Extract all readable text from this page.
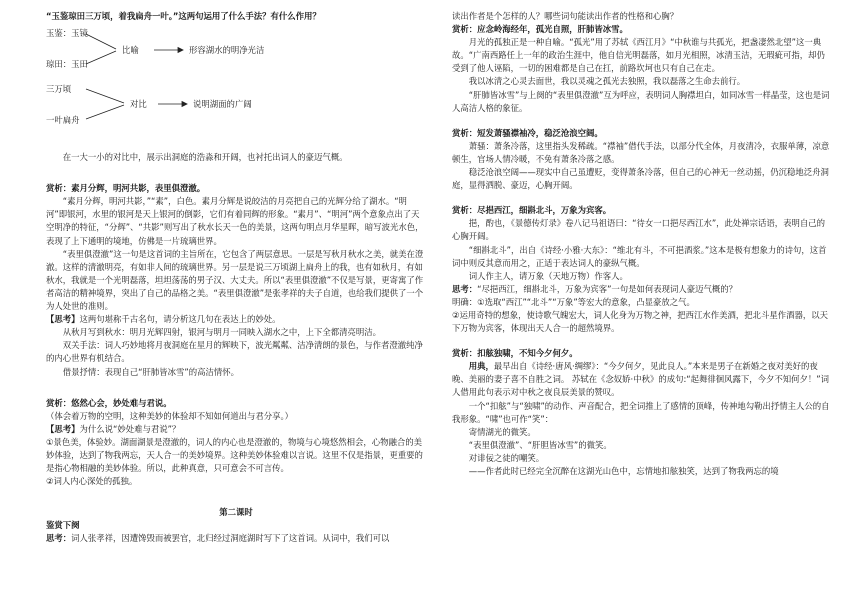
“玉鉴琼田三万顷，着我扁舟一叶。”这两句运用了什么手法？有什么作用？

玉鉴：玉镜
琼田：玉田
三万顷
一叶扁舟
比喻	形容湖水的明净光洁
对比	说明湖面的广阔

在一大一小的对比中，展示出洞庭的浩淼和开阔，也衬托出词人的豪迈气概。

赏析：素月分辉，明河共影，表里俱澄澈。

“素月分辉，明河共影，”“素”，白色。素月分辉是说皎洁的月亮把自己的光辉分给了湖水。“明河”即银河，水里的银河是天上银河的倒影，它们有着同辉的形象。“素月”、“明河”两个意象点出了天空明净的特征，“分辉”、“共影”则写出了秋水长天一色的美景，这两句明点月华星晖，暗写波光水色，表现了上下通明的境地，仿佛是一片琉璃世界。

“表里俱澄澈”这一句是这首词的主旨所在，它包含了两层意思。一层是写秋月秋水之美，就美在澄澈。这样的清澈明亮，有如非人间的琉璃世界。另一层是说三万顷湖上扁舟上的我，也有如秋月，有如秋水，我就是一个光明磊落，坦坦荡荡的男子汉、大丈夫。所以“表里俱澄澈”不仅是写景，更寄寓了作者高洁的精神境界，突出了自己的品格之美。“表里俱澄澈”是张孝祥的夫子自道，也给我们提供了一个为人处世的准则。

【思考】这两句堪称千古名句，请分析这几句在表达上的妙处。

从秋月写到秋水：明月光辉四射，银河与明月一同映入湖水之中，上下全都清亮明洁。

双关手法：词人巧妙地将月夜洞庭在星月的辉映下，波光粼粼、洁净清朗的景色，与作者澄澈纯净的内心世界有机结合。

借景抒情：表现自己“肝肺皆冰雪”的高洁情怀。

赏析：悠然心会，妙处难与君说。

（体会着万物的空明，这种美妙的体验却不知如何道出与君分享。）

【思考】为什么说“妙处难与君说”？

①景色美，体验妙。湖面湖景是澄澈的，词人的内心也是澄澈的，物境与心境悠然相会，心物融合的美妙体验，达到了物我两忘，天人合一的美妙境界。这种美妙体验难以言说。这里不仅是指景，更重要的是指心物相融的美妙体验。所以，此种真意，只可意会不可言传。

②词人内心深处的孤独。

第二课时

鉴赏下阕

思考：词人张孝祥，因遭馋毁而被罢官，北归经过洞庭湖时写下了这首词。从词中，我们可以

读出作者是个怎样的人？哪些词句能读出作者的性格和心胸？

赏析：应念岭海经年，孤光自照，肝肺皆冰雪。

月光的孤独正是一种自喻。“孤光”用了苏轼《西江月》“中秋谁与共孤光，把盏凄然北望”这一典故。“广南西路任上一年的政治生涯中，他自信光明磊落，如月光相照，冰清玉洁，无瑕疵可指，却仍受到了他人诬陷，一切的困难都是自己在扛，前路坎坷也只有自己在走。

我以冰清之心灵去面世，我以灵魂之孤光去独照，我以磊落之生命去前行。

“肝肺皆冰雪”与上阕的“表里俱澄澈”互为呼应，表明词人胸襟坦白，如同冰雪一样晶莹，这也是词人高洁人格的象征。

赏析：短发萧骚襟袖冷，稳泛沧浪空阔。

萧骚：萧条冷落，这里指头发稀疏。“襟袖”借代手法，以部分代全体，月夜清冷，衣服单薄，凉意顿生，官场人情冷暖，不免有萧条冷落之感。

稳泛沧浪空阔——现实中自己虽遭贬，变得萧条冷落，但自己的心神无一丝动摇，仍沉稳地泛舟洞庭，显得洒脱、豪迈，心胸开阔。

赏析：尽挹西江，细斟北斗，万象为宾客。

挹，酌也，《景德传灯录》卷八记马祖语曰：“待女一口挹尽西江水”，此处禅宗话语，表明自己的心胸开阔。

“细斟北斗”，出自《诗经·小雅·大东》：“维北有斗，不可挹酒浆。”这本是极有想象力的诗句，这首词中则反其意而用之，正适于表达词人的豪纵气概。

词人作主人，请万象（天地万物）作客人。

思考：“尽挹西江，细斟北斗，万象为宾客”一句是如何表现词人豪迈气概的？

明确：①选取“西江”“北斗”“万象”等宏大的意象，凸显豪放之气。

②运用奇特的想象，使诗歌气魄宏大，词人化身为万物之神，把西江水作美酒，把北斗星作酒器，以天下万物为宾客，体现出天人合一的超然境界。

赏析：扣舷独啸，不知今夕何夕。

用典，最早出自《诗经·唐风·绸缪》：“今夕何夕，见此良人。”本来是男子在新婚之夜对美好的夜晚、美丽的妻子喜不自胜之词。 苏轼在《念奴娇·中秋》的成句:“起舞徘徊风露下，今夕不知何夕！”词人借用此句表示对中秋之夜良辰美景的赞叹。

一个“扣舷”与“独啸”的动作、声音配合，把全词推上了感情的顶峰，传神地勾勒出抒情主人公的自我形象。“啸”也可作“笑”：

寄情湖光的微笑。

“表里俱澄澈”、“肝胆皆冰雪”的微笑。

对诽佞之徒的嘲笑。

——作者此时已经完全沉醉在这湖光山色中，忘情地扣舷独笑，达到了物我两忘的境
